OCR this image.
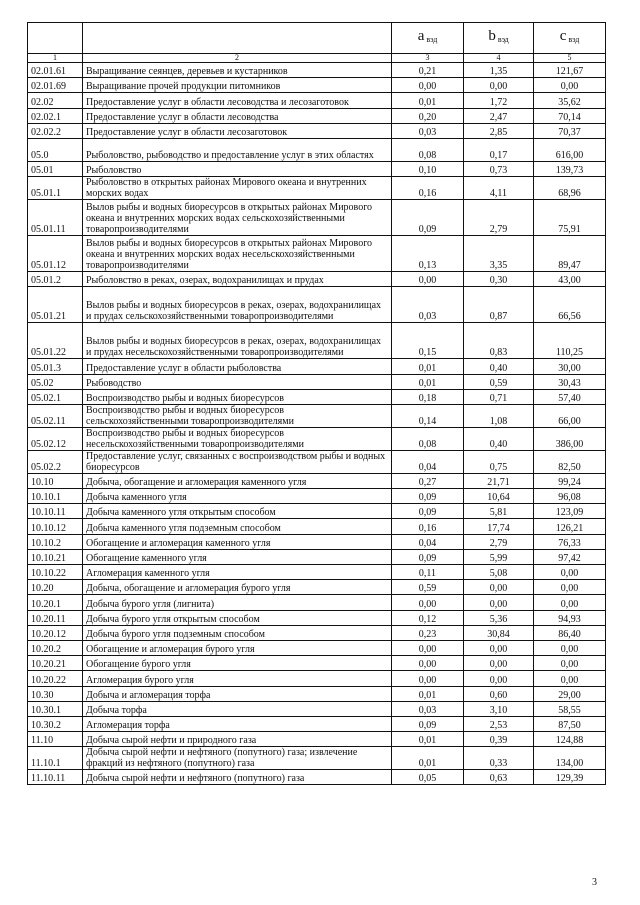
		a $_{вэд}$	b $_{вэд}$	c $_{вэд}$
1	2	3	4	5
02.01.61	Выращивание сеянцев, деревьев и кустарников	0,21	1,35	121,67
02.01.69	Выращивание прочей продукции питомников	0,00	0,00	0,00
02.02	Предоставление услуг в области лесоводства и лесозаготовок	0,01	1,72	35,62
02.02.1	Предоставление услуг в области лесоводства	0,20	2,47	70,14
02.02.2	Предоставление услуг в области лесозаготовок	0,03	2,85	70,37
05.0	Рыболовство, рыбоводство и предоставление услуг в этих областях	0,08	0,17	616,00
05.01	Рыболовство	0,10	0,73	139,73
05.01.1	Рыболовство в открытых районах Мирового океана и внутренних морских водах	0,16	4,11	68,96
05.01.11	Вылов рыбы и водных биоресурсов в открытых районах Мирового океана и внутренних морских водах сельскохозяйственными товаропроизводителями	0,09	2,79	75,91
05.01.12	Вылов рыбы и водных биоресурсов в открытых районах Мирового океана и внутренних морских водах несельскохозяйственными товаропроизводителями	0,13	3,35	89,47
05.01.2	Рыболовство в реках, озерах, водохранилищах и прудах	0,00	0,30	43,00
05.01.21	Вылов рыбы и водных биоресурсов в реках, озерах, водохранилищах и прудах сельскохозяйственными товаропроизводителями	0,03	0,87	66,56
05.01.22	Вылов рыбы и водных биоресурсов в реках, озерах, водохранилищах и прудах несельскохозяйственными товаропроизводителями	0,15	0,83	110,25
05.01.3	Предоставление услуг в области рыболовства	0,01	0,40	30,00
05.02	Рыбоводство	0,01	0,59	30,43
05.02.1	Воспроизводство рыбы и водных биоресурсов	0,18	0,71	57,40
05.02.11	Воспроизводство рыбы и водных биоресурсов сельскохозяйственными товаропроизводителями	0,14	1,08	66,00
05.02.12	Воспроизводство рыбы и водных биоресурсов несельскохозяйственными товаропроизводителями	0,08	0,40	386,00
05.02.2	Предоставление услуг, связанных с воспроизводством рыбы и водных биоресурсов	0,04	0,75	82,50
10.10	Добыча, обогащение и агломерация каменного угля	0,27	21,71	99,24
10.10.1	Добыча каменного угля	0,09	10,64	96,08
10.10.11	Добыча каменного угля открытым способом	0,09	5,81	123,09
10.10.12	Добыча каменного угля подземным способом	0,16	17,74	126,21
10.10.2	Обогащение и агломерация каменного угля	0,04	2,79	76,33
10.10.21	Обогащение каменного угля	0,09	5,99	97,42
10.10.22	Агломерация каменного угля	0,11	5,08	0,00
10.20	Добыча, обогащение и агломерация бурого угля	0,59	0,00	0,00
10.20.1	Добыча бурого угля (лигнита)	0,00	0,00	0,00
10.20.11	Добыча бурого угля открытым способом	0,12	5,36	94,93
10.20.12	Добыча бурого угля подземным способом	0,23	30,84	86,40
10.20.2	Обогащение и агломерация бурого угля	0,00	0,00	0,00
10.20.21	Обогащение бурого угля	0,00	0,00	0,00
10.20.22	Агломерация бурого угля	0,00	0,00	0,00
10.30	Добыча и агломерация торфа	0,01	0,60	29,00
10.30.1	Добыча торфа	0,03	3,10	58,55
10.30.2	Агломерация торфа	0,09	2,53	87,50
11.10	Добыча сырой нефти и природного газа	0,01	0,39	124,88
11.10.1	Добыча сырой нефти и нефтяного (попутного) газа; извлечение фракций из нефтяного (попутного) газа	0,01	0,33	134,00
11.10.11	Добыча сырой нефти и нефтяного (попутного) газа	0,05	0,63	129,39
3
